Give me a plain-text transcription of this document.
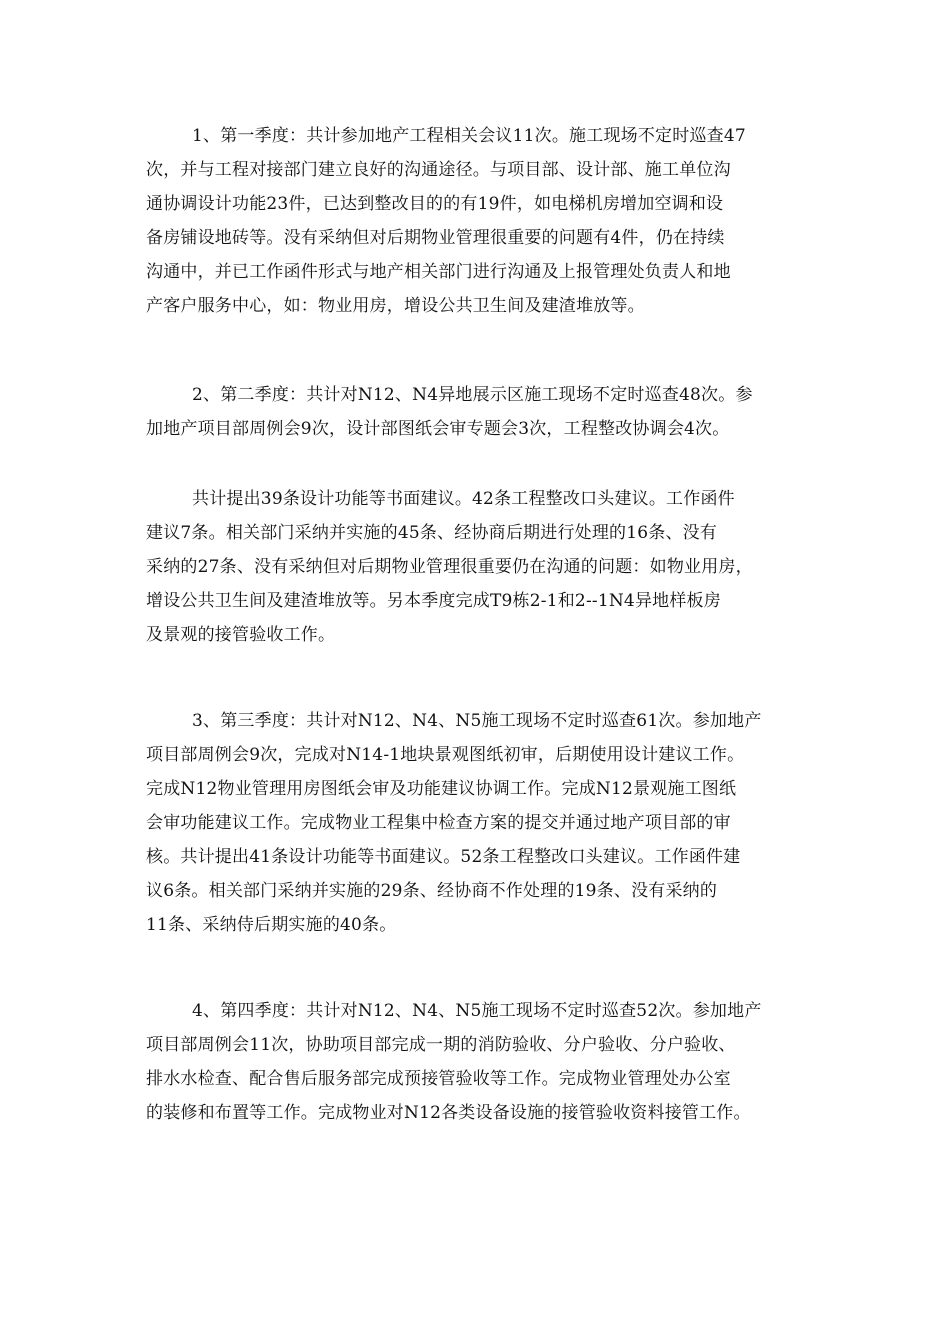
1、第一季度：共计参加地产工程相关会议11次。施工现场不定时巡查47
次，并与工程对接部门建立良好的沟通途径。与项目部、设计部、施工单位沟
通协调设计功能23件，已达到整改目的的有19件，如电梯机房增加空调和设
备房铺设地砖等。没有采纳但对后期物业管理很重要的问题有4件，仍在持续
沟通中，并已工作函件形式与地产相关部门进行沟通及上报管理处负责人和地
产客户服务中心，如：物业用房，增设公共卫生间及建渣堆放等。

2、第二季度：共计对N12、N4异地展示区施工现场不定时巡查48次。参
加地产项目部周例会9次，设计部图纸会审专题会3次，工程整改协调会4次。

共计提出39条设计功能等书面建议。42条工程整改口头建议。工作函件
建议7条。相关部门采纳并实施的45条、经协商后期进行处理的16条、没有
采纳的27条、没有采纳但对后期物业管理很重要仍在沟通的问题：如物业用房，
增设公共卫生间及建渣堆放等。另本季度完成T9栋2-1和2--1N4异地样板房
及景观的接管验收工作。

3、第三季度：共计对N12、N4、N5施工现场不定时巡查61次。参加地产
项目部周例会9次，完成对N14-1地块景观图纸初审，后期使用设计建议工作。
完成N12物业管理用房图纸会审及功能建议协调工作。完成N12景观施工图纸
会审功能建议工作。完成物业工程集中检查方案的提交并通过地产项目部的审
核。共计提出41条设计功能等书面建议。52条工程整改口头建议。工作函件建
议6条。相关部门采纳并实施的29条、经协商不作处理的19条、没有采纳的
11条、采纳侍后期实施的40条。

4、第四季度：共计对N12、N4、N5施工现场不定时巡查52次。参加地产
项目部周例会11次，协助项目部完成一期的消防验收、分户验收、分户验收、
排水水检查、配合售后服务部完成预接管验收等工作。完成物业管理处办公室
的装修和布置等工作。完成物业对N12各类设备设施的接管验收资料接管工作。
